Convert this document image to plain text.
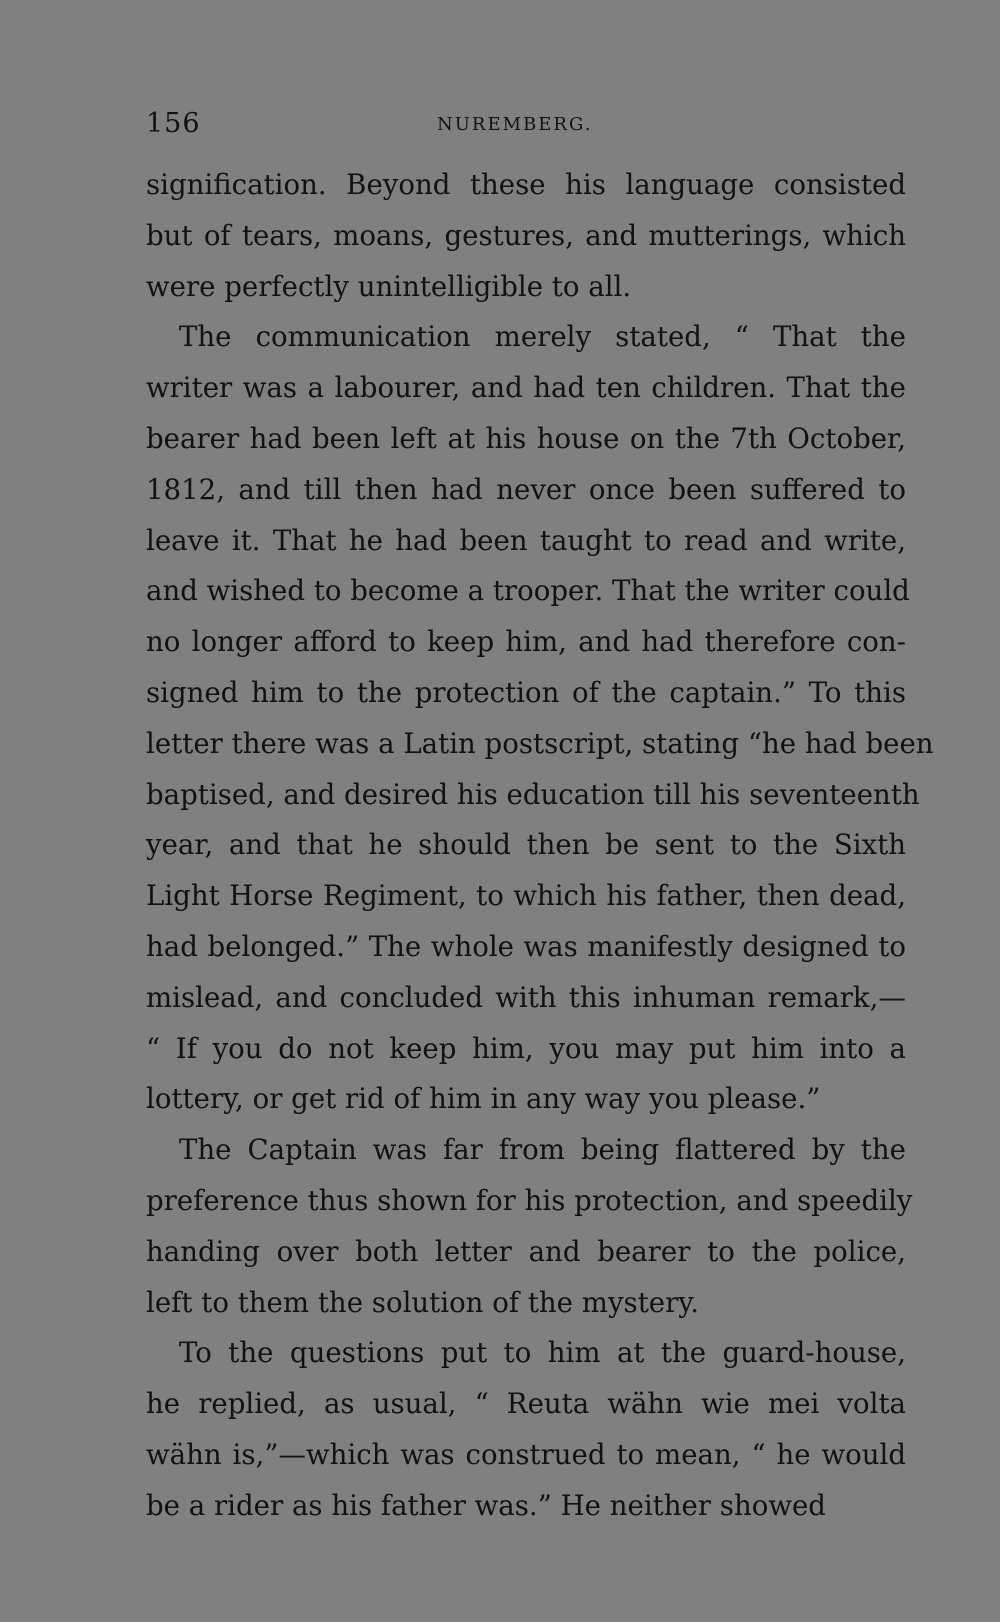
156	NUREMBERG.

signification. Beyond these his language consisted
but of tears, moans, gestures, and mutterings, which
were perfectly unintelligible to all.

The communication merely stated, “ That the
writer was a labourer, and had ten children. That the
bearer had been left at his house on the 7th October,
1812, and till then had never once been suffered to
leave it. That he had been taught to read and write,
and wished to become a trooper. That the writer could
no longer afford to keep him, and had therefore con-
signed him to the protection of the captain.” To this
letter there was a Latin postscript, stating “he had been
baptised, and desired his education till his seventeenth
year, and that he should then be sent to the Sixth
Light Horse Regiment, to which his father, then dead,
had belonged.” The whole was manifestly designed to
mislead, and concluded with this inhuman remark,—
“ If you do not keep him, you may put him into a
lottery, or get rid of him in any way you please.”

The Captain was far from being flattered by the
preference thus shown for his protection, and speedily
handing over both letter and bearer to the police,
left to them the solution of the mystery.

To the questions put to him at the guard-house,
he replied, as usual, “ Reuta wähn wie mei volta
wähn is,”—which was construed to mean, “ he would
be a rider as his father was.” He neither showed
